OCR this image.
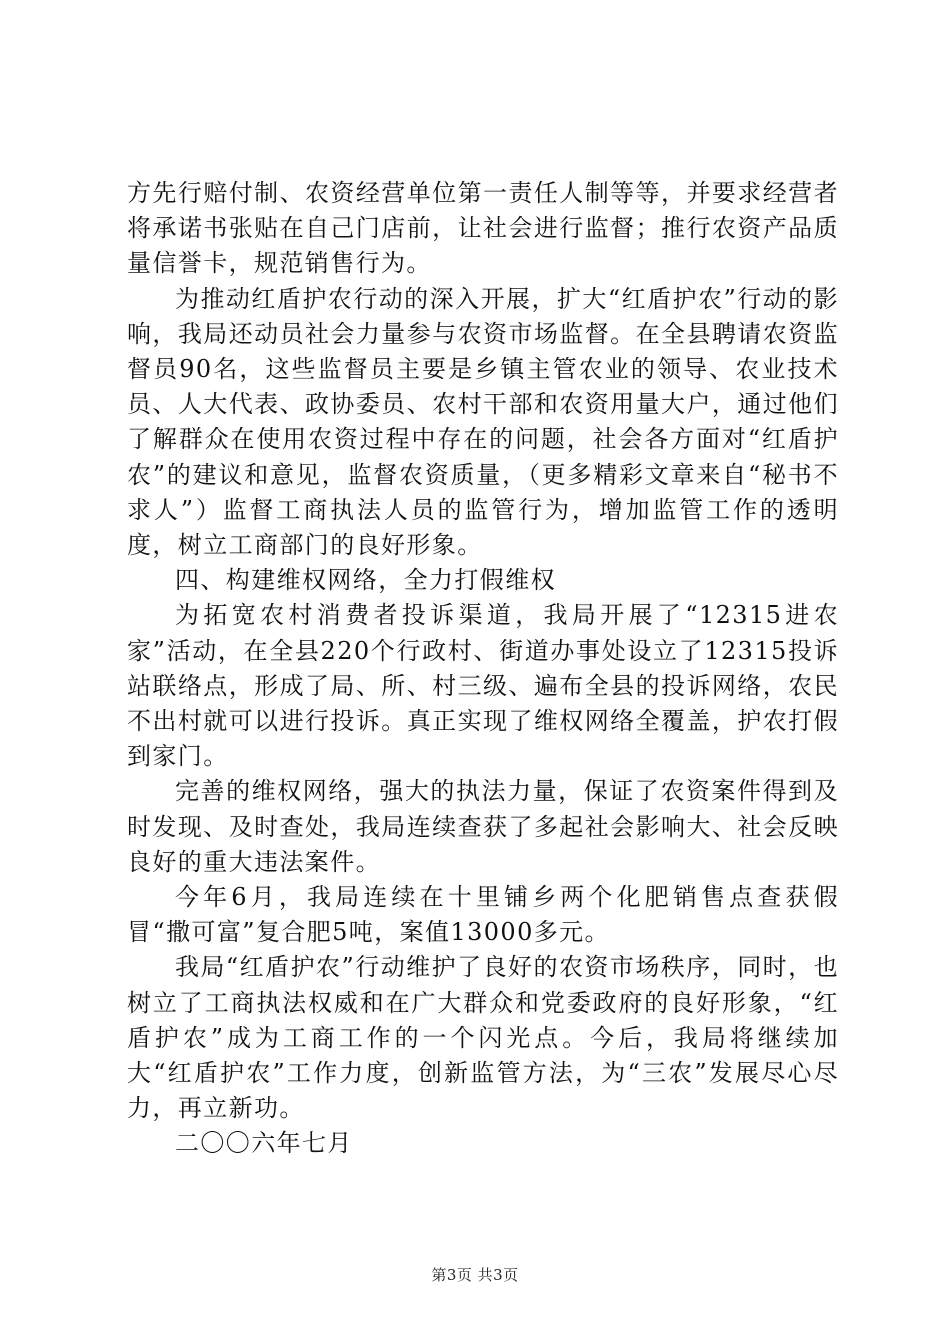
方先行赔付制、农资经营单位第一责任人制等等，并要求经营者将承诺书张贴在自己门店前，让社会进行监督；推行农资产品质量信誉卡，规范销售行为。

为推动红盾护农行动的深入开展，扩大“红盾护农”行动的影响，我局还动员社会力量参与农资市场监督。在全县聘请农资监督员90名，这些监督员主要是乡镇主管农业的领导、农业技术员、人大代表、政协委员、农村干部和农资用量大户，通过他们了解群众在使用农资过程中存在的问题，社会各方面对“红盾护农”的建议和意见，监督农资质量，（更多精彩文章来自“秘书不求人”）监督工商执法人员的监管行为，增加监管工作的透明度，树立工商部门的良好形象。

四、构建维权网络，全力打假维权

为拓宽农村消费者投诉渠道，我局开展了“12315进农家”活动，在全县220个行政村、街道办事处设立了12315投诉站联络点，形成了局、所、村三级、遍布全县的投诉网络，农民不出村就可以进行投诉。真正实现了维权网络全覆盖，护农打假到家门。

完善的维权网络，强大的执法力量，保证了农资案件得到及时发现、及时查处，我局连续查获了多起社会影响大、社会反映良好的重大违法案件。

今年6月，我局连续在十里铺乡两个化肥销售点查获假冒“撒可富”复合肥5吨，案值13000多元。

我局“红盾护农”行动维护了良好的农资市场秩序，同时，也树立了工商执法权威和在广大群众和党委政府的良好形象，“红盾护农”成为工商工作的一个闪光点。今后，我局将继续加大“红盾护农”工作力度，创新监管方法，为“三农”发展尽心尽力，再立新功。

二〇〇六年七月

第3页 共3页
